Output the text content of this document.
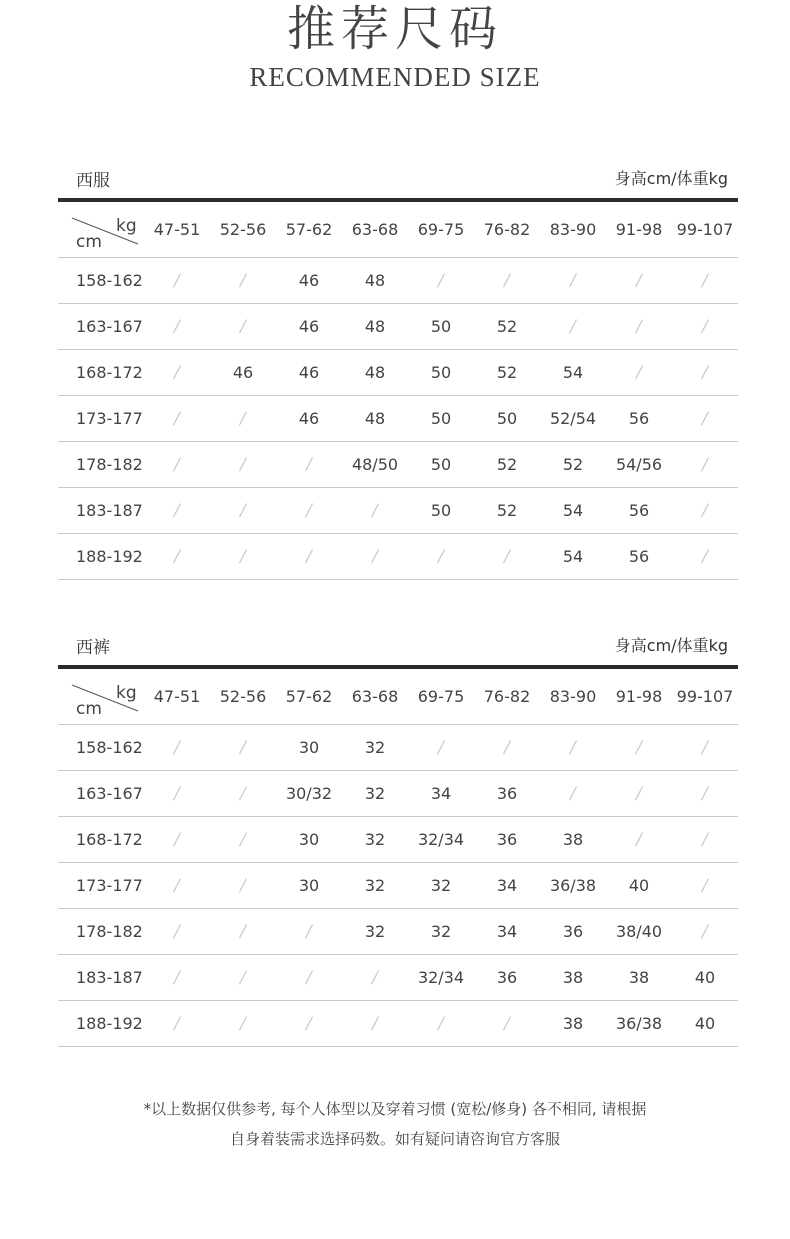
推荐尺码
RECOMMENDED SIZE
西服	身高cm/体重kg
kg
cm	47-51	52-56	57-62	63-68	69-75	76-82	83-90	91-98	99-107
158-162	/	/	46	48	/	/	/	/	/
163-167	/	/	46	48	50	52	/	/	/
168-172	/	46	46	48	50	52	54	/	/
173-177	/	/	46	48	50	50	52/54	56	/
178-182	/	/	/	48/50	50	52	52	54/56	/
183-187	/	/	/	/	50	52	54	56	/
188-192	/	/	/	/	/	/	54	56	/
西裤	身高cm/体重kg
kg
cm	47-51	52-56	57-62	63-68	69-75	76-82	83-90	91-98	99-107
158-162	/	/	30	32	/	/	/	/	/
163-167	/	/	30/32	32	34	36	/	/	/
168-172	/	/	30	32	32/34	36	38	/	/
173-177	/	/	30	32	32	34	36/38	40	/
178-182	/	/	/	32	32	34	36	38/40	/
183-187	/	/	/	/	32/34	36	38	38	40
188-192	/	/	/	/	/	/	38	36/38	40
*以上数据仅供参考, 每个人体型以及穿着习惯 (宽松/修身) 各不相同, 请根据
自身着装需求选择码数。如有疑问请咨询官方客服
